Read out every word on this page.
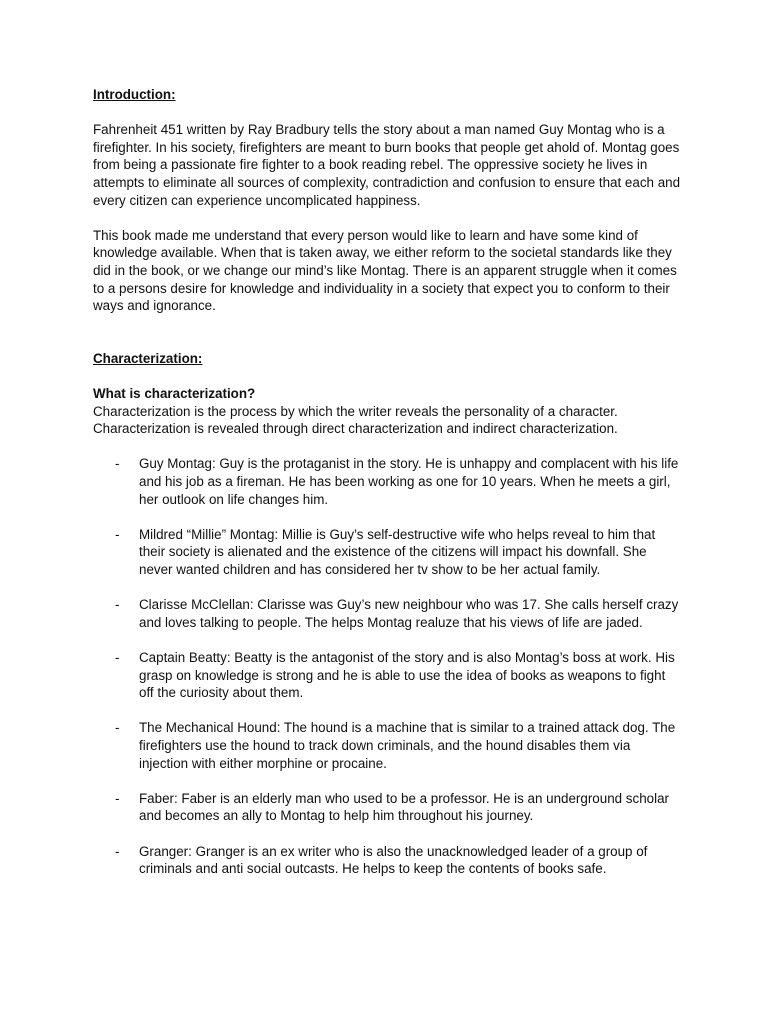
Introduction:

Fahrenheit 451 written by Ray Bradbury tells the story about a man named Guy Montag who is a firefighter. In his society, firefighters are meant to burn books that people get ahold of. Montag goes from being a passionate fire fighter to a book reading rebel. The oppressive society he lives in attempts to eliminate all sources of complexity, contradiction and confusion to ensure that each and every citizen can experience uncomplicated happiness.

This book made me understand that every person would like to learn and have some kind of knowledge available. When that is taken away, we either reform to the societal standards like they did in the book, or we change our mind’s like Montag. There is an apparent struggle when it comes to a persons desire for knowledge and individuality in a society that expect you to conform to their ways and ignorance.

Characterization:

What is characterization?

Characterization is the process by which the writer reveals the personality of a character. Characterization is revealed through direct characterization and indirect characterization.

- Guy Montag: Guy is the protaganist in the story. He is unhappy and complacent with his life and his job as a fireman. He has been working as one for 10 years. When he meets a girl, her outlook on life changes him.
- Mildred “Millie” Montag: Millie is Guy’s self-destructive wife who helps reveal to him that their society is alienated and the existence of the citizens will impact his downfall. She never wanted children and has considered her tv show to be her actual family.
- Clarisse McClellan: Clarisse was Guy’s new neighbour who was 17. She calls herself crazy and loves talking to people. The helps Montag realuze that his views of life are jaded.
- Captain Beatty: Beatty is the antagonist of the story and is also Montag’s boss at work. His grasp on knowledge is strong and he is able to use the idea of books as weapons to fight off the curiosity about them.
- The Mechanical Hound: The hound is a machine that is similar to a trained attack dog. The firefighters use the hound to track down criminals, and the hound disables them via injection with either morphine or procaine.
- Faber: Faber is an elderly man who used to be a professor. He is an underground scholar and becomes an ally to Montag to help him throughout his journey.
- Granger: Granger is an ex writer who is also the unacknowledged leader of a group of criminals and anti social outcasts. He helps to keep the contents of books safe.
